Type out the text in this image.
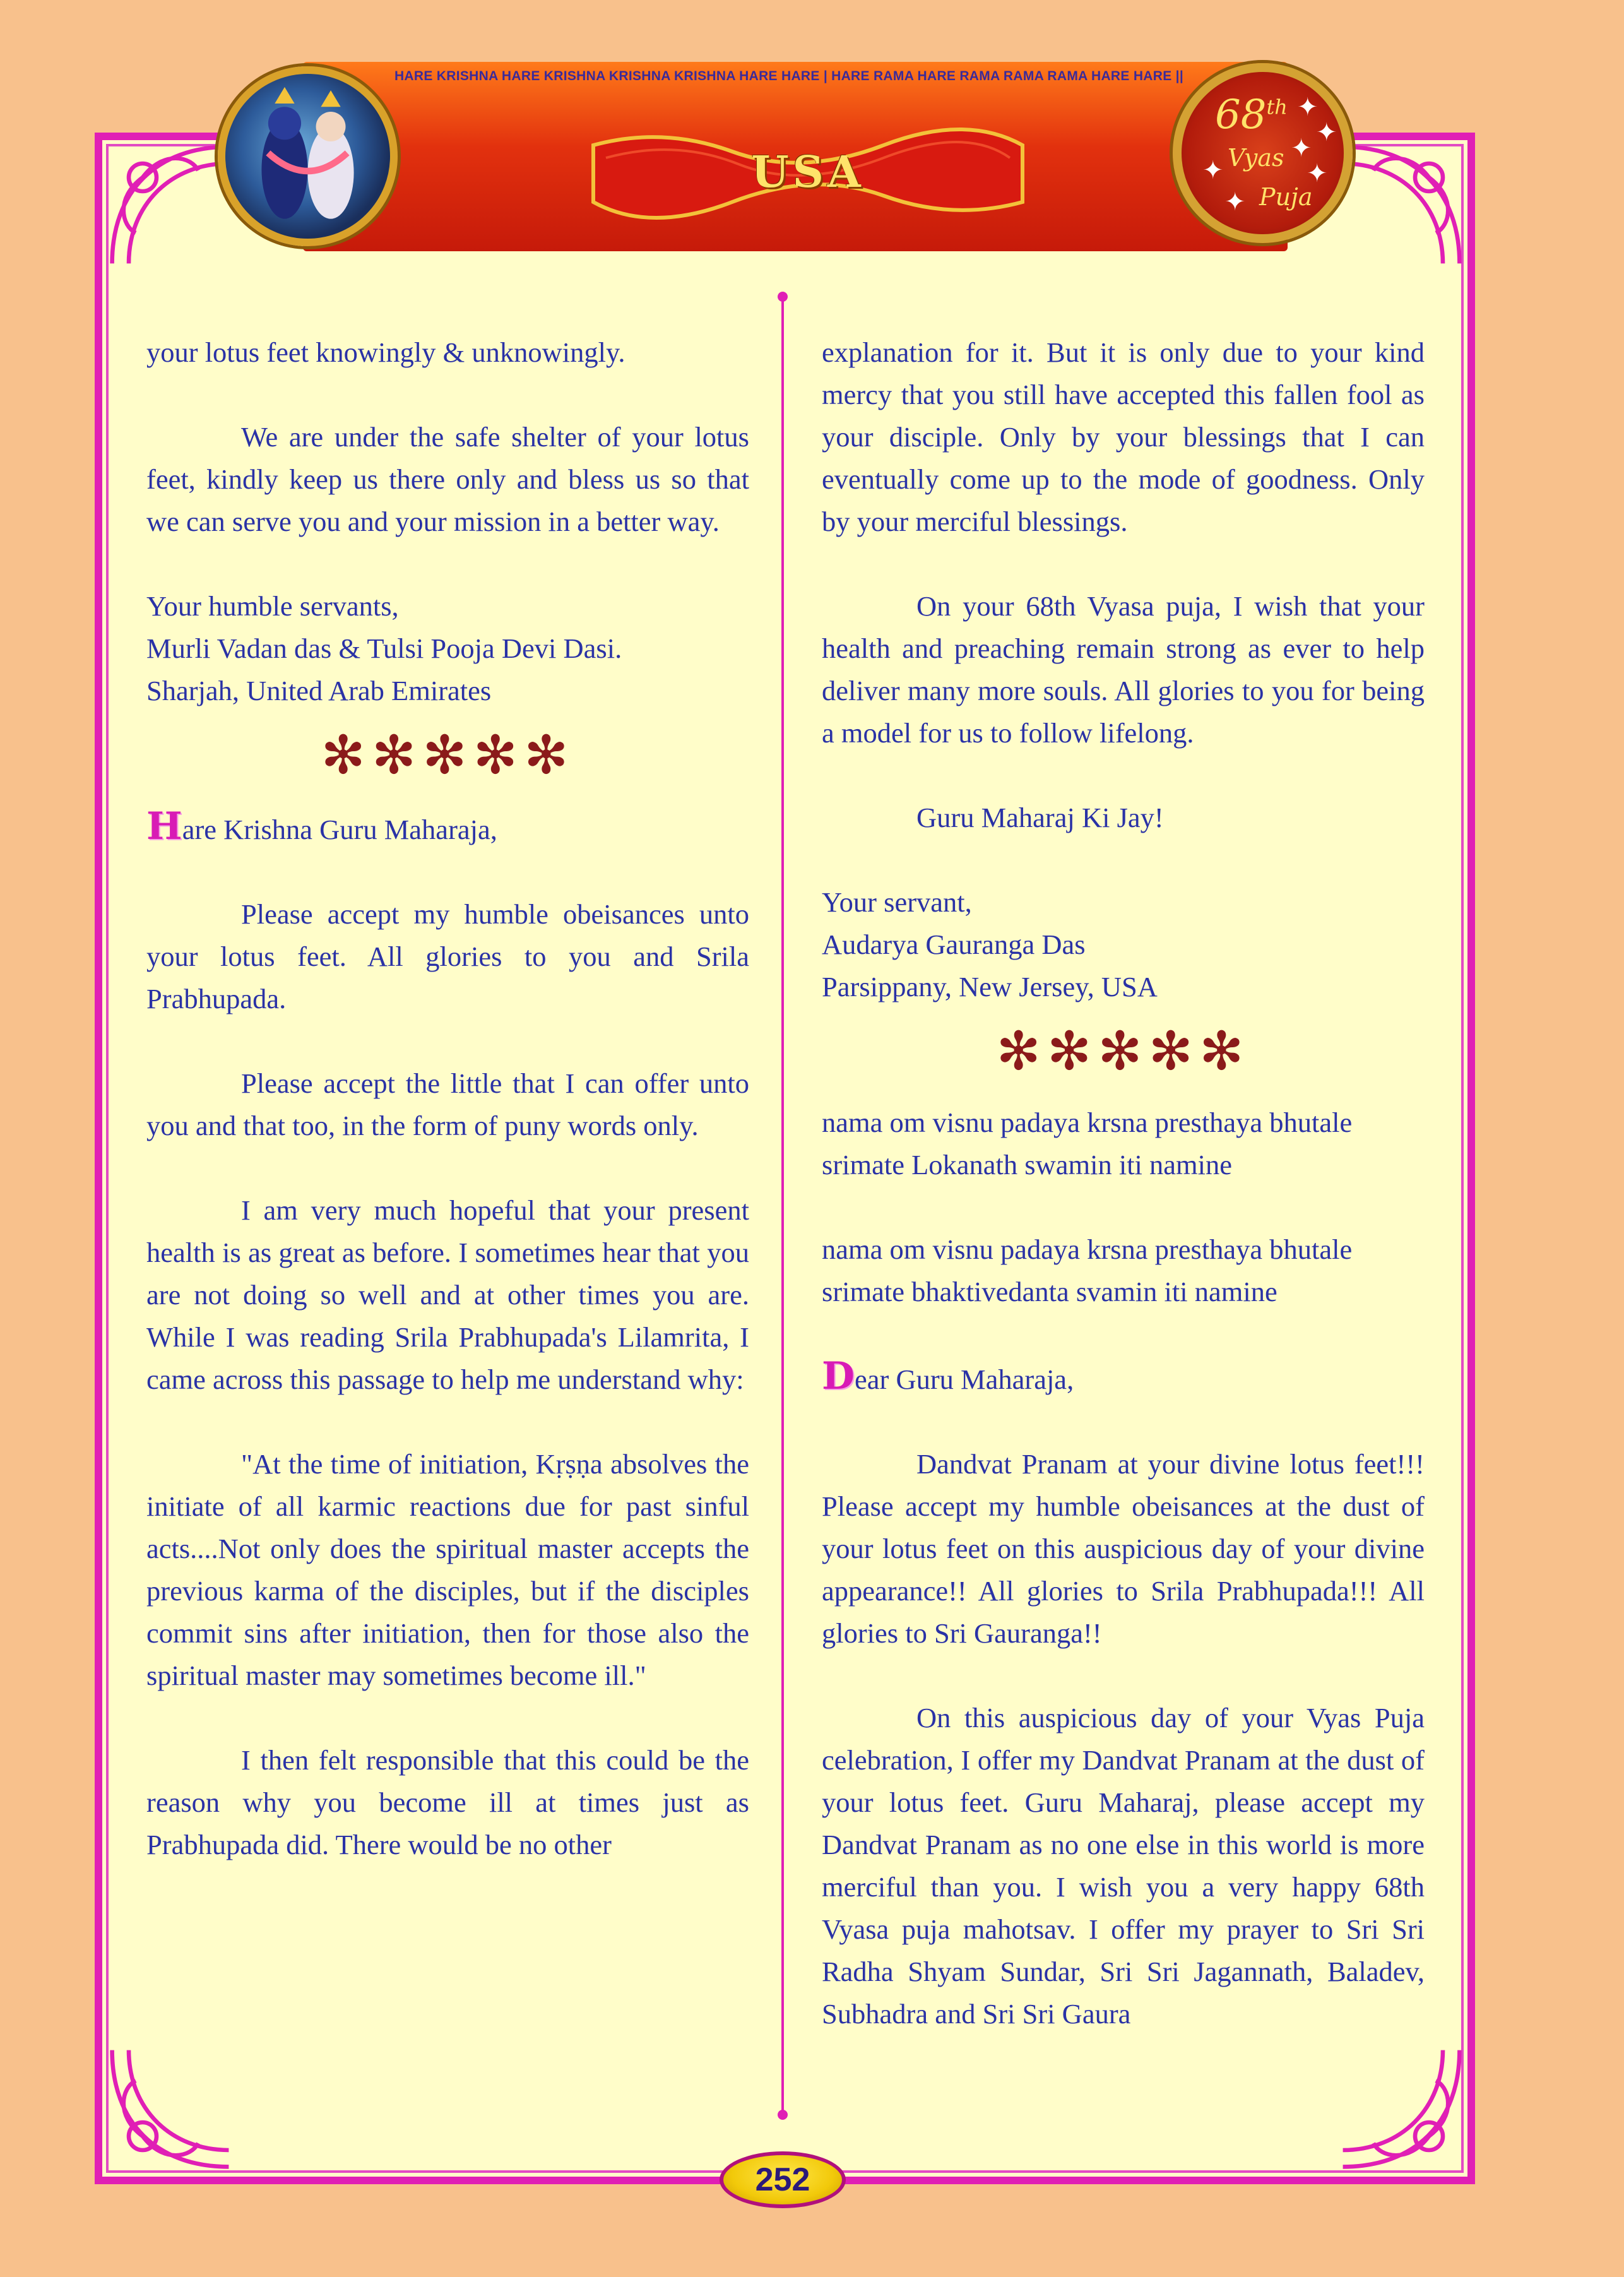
HARE KRISHNA HARE KRISHNA KRISHNA KRISHNA HARE HARE | HARE RAMA HARE RAMA RAMA RAMA HARE HARE ||
USA
68th
Vyas
Puja
✦
✦
✦
✦
✦
✦

your lotus feet knowingly & unknowingly.

We are under the safe shelter of your lotus feet, kindly keep us there only and bless us so that we can serve you and your mission in a better way.

Your humble servants,

Murli Vadan das & Tulsi Pooja Devi Dasi.

Sharjah, United Arab Emirates

✻✻✻✻✻

Hare Krishna Guru Maharaja,

Please accept my humble obeisances unto your lotus feet. All glories to you and Srila Prabhupada.

Please accept the little that I can offer unto you and that too, in the form of puny words only.

I am very much hopeful that your present health is as great as before. I sometimes hear that you are not doing so well and at other times you are. While I was reading Srila Prabhupada's Lilamrita, I came across this passage to help me understand why:

"At the time of initiation, Kṛṣṇa absolves the initiate of all karmic reactions due for past sinful acts....Not only does the spiritual master accepts the previous karma of the disciples, but if the disciples commit sins after initiation, then for those also the spiritual master may sometimes become ill."

I then felt responsible that this could be the reason why you become ill at times just as Prabhupada did. There would be no other

explanation for it. But it is only due to your kind mercy that you still have accepted this fallen fool as your disciple. Only by your blessings that I can eventually come up to the mode of goodness. Only by your merciful blessings.

On your 68th Vyasa puja, I wish that your health and preaching remain strong as ever to help deliver many more souls. All glories to you for being a model for us to follow lifelong.

Guru Maharaj Ki Jay!

Your servant,

Audarya Gauranga Das

Parsippany, New Jersey, USA

✻✻✻✻✻

nama om visnu padaya krsna presthaya bhutale

srimate Lokanath swamin iti namine

nama om visnu padaya krsna presthaya bhutale

srimate bhaktivedanta svamin iti namine

Dear Guru Maharaja,

Dandvat Pranam at your divine lotus feet!!! Please accept my humble obeisances at the dust of your lotus feet on this auspicious day of your divine appearance!! All glories to Srila Prabhupada!!! All glories to Sri Gauranga!!

On this auspicious day of your Vyas Puja celebration, I offer my Dandvat Pranam at the dust of your lotus feet. Guru Maharaj, please accept my Dandvat Pranam as no one else in this world is more merciful than you. I wish you a very happy 68th Vyasa puja mahotsav. I offer my prayer to Sri Sri Radha Shyam Sundar, Sri Sri Jagannath, Baladev, Subhadra and Sri Sri Gaura

252
